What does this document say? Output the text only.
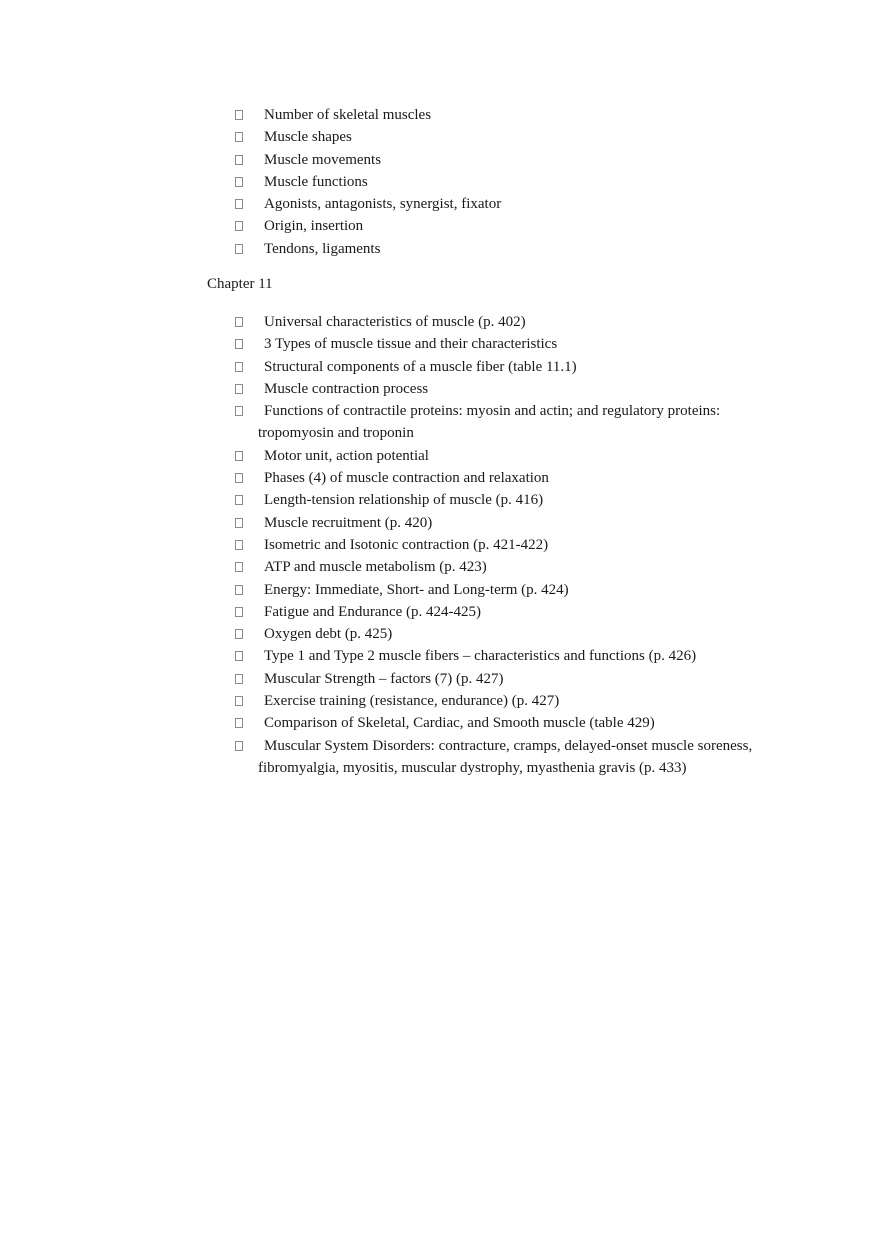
Number of skeletal muscles
Muscle shapes
Muscle movements
Muscle functions
Agonists, antagonists, synergist, fixator
Origin, insertion
Tendons, ligaments

Chapter 11

Universal characteristics of muscle (p. 402)
3 Types of muscle tissue and their characteristics
Structural components of a muscle fiber (table 11.1)
Muscle contraction process
Functions of contractile proteins: myosin and actin; and regulatory proteins: tropomyosin and troponin
Motor unit, action potential
Phases (4) of muscle contraction and relaxation
Length-tension relationship of muscle (p. 416)
Muscle recruitment (p. 420)
Isometric and Isotonic contraction (p. 421-422)
ATP and muscle metabolism (p. 423)
Energy: Immediate, Short- and Long-term (p. 424)
Fatigue and Endurance (p. 424-425)
Oxygen debt (p. 425)
Type 1 and Type 2 muscle fibers – characteristics and functions (p. 426)
Muscular Strength – factors (7) (p. 427)
Exercise training (resistance, endurance) (p. 427)
Comparison of Skeletal, Cardiac, and Smooth muscle (table 429)
Muscular System Disorders: contracture, cramps, delayed-onset muscle soreness, fibromyalgia, myositis, muscular dystrophy, myasthenia gravis (p. 433)
